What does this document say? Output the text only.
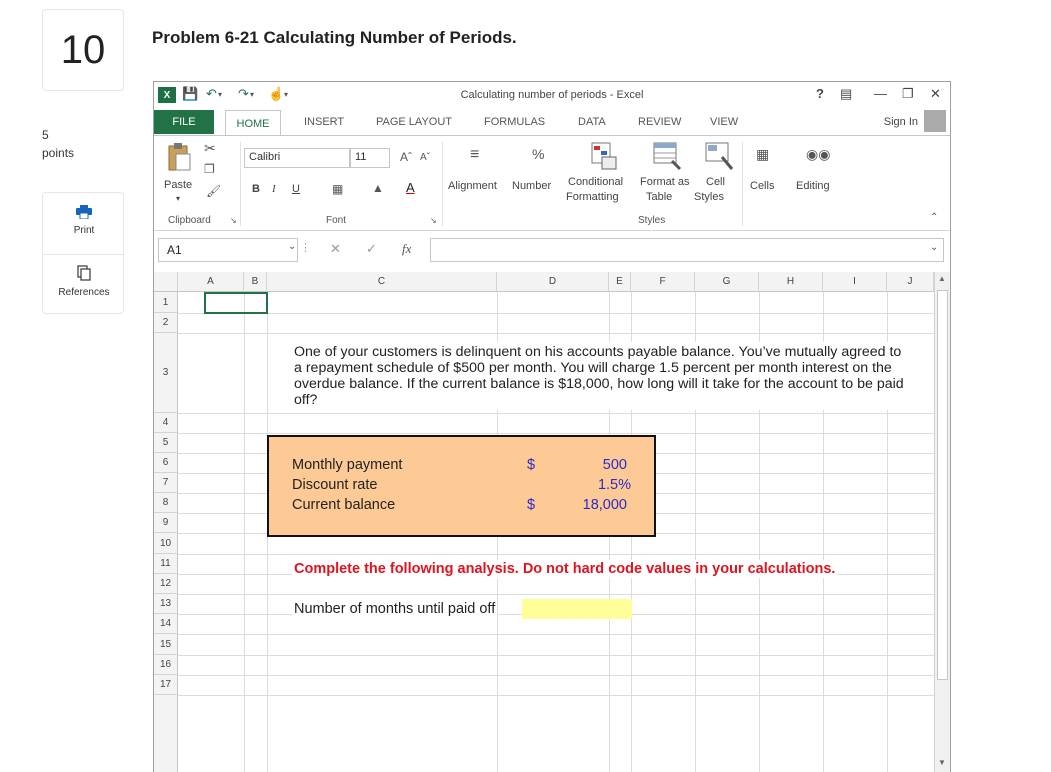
10
5
points
Print
References
Problem 6-21 Calculating Number of Periods.
X 💾 ↶ ▾ ↷ ▾ ☝ ▾	Calculating number of periods - Excel	? ▤ — ❐ ✕
FILE	HOME	INSERT	PAGE LAYOUT	FORMULAS	DATA	REVIEW	VIEW	Sign In
Paste
▾
✂
❐
🖌
Clipboard ↘
Calibri	11	Aˆ Aˇ
B I U	▦ ▲ A
Font	↘
≡
Alignment
%
Number Conditional
Formatting
Format as
Table
Cell
Styles
Styles
▦
Cells
◉◉
Editing
⌃
A1	⌄ ⋮ ✕ ✓ fx	⌄
A	B	C	D	E	F	G	H	I	J
1
2
3
4
5
6
7
8
9
10
11
12
13
14
15
16
17
One of your customers is delinquent on his accounts payable balance. You’ve mutually agreed to a repayment schedule of $500 per month. You will charge 1.5 percent per month interest on the overdue balance. If the current balance is $18,000, how long will it take for the account to be paid off?
Monthly payment	$	500
Discount rate	1.5%
Current balance	$	18,000
Complete the following analysis. Do not hard code values in your calculations.
Number of months until paid off
▲
▼
